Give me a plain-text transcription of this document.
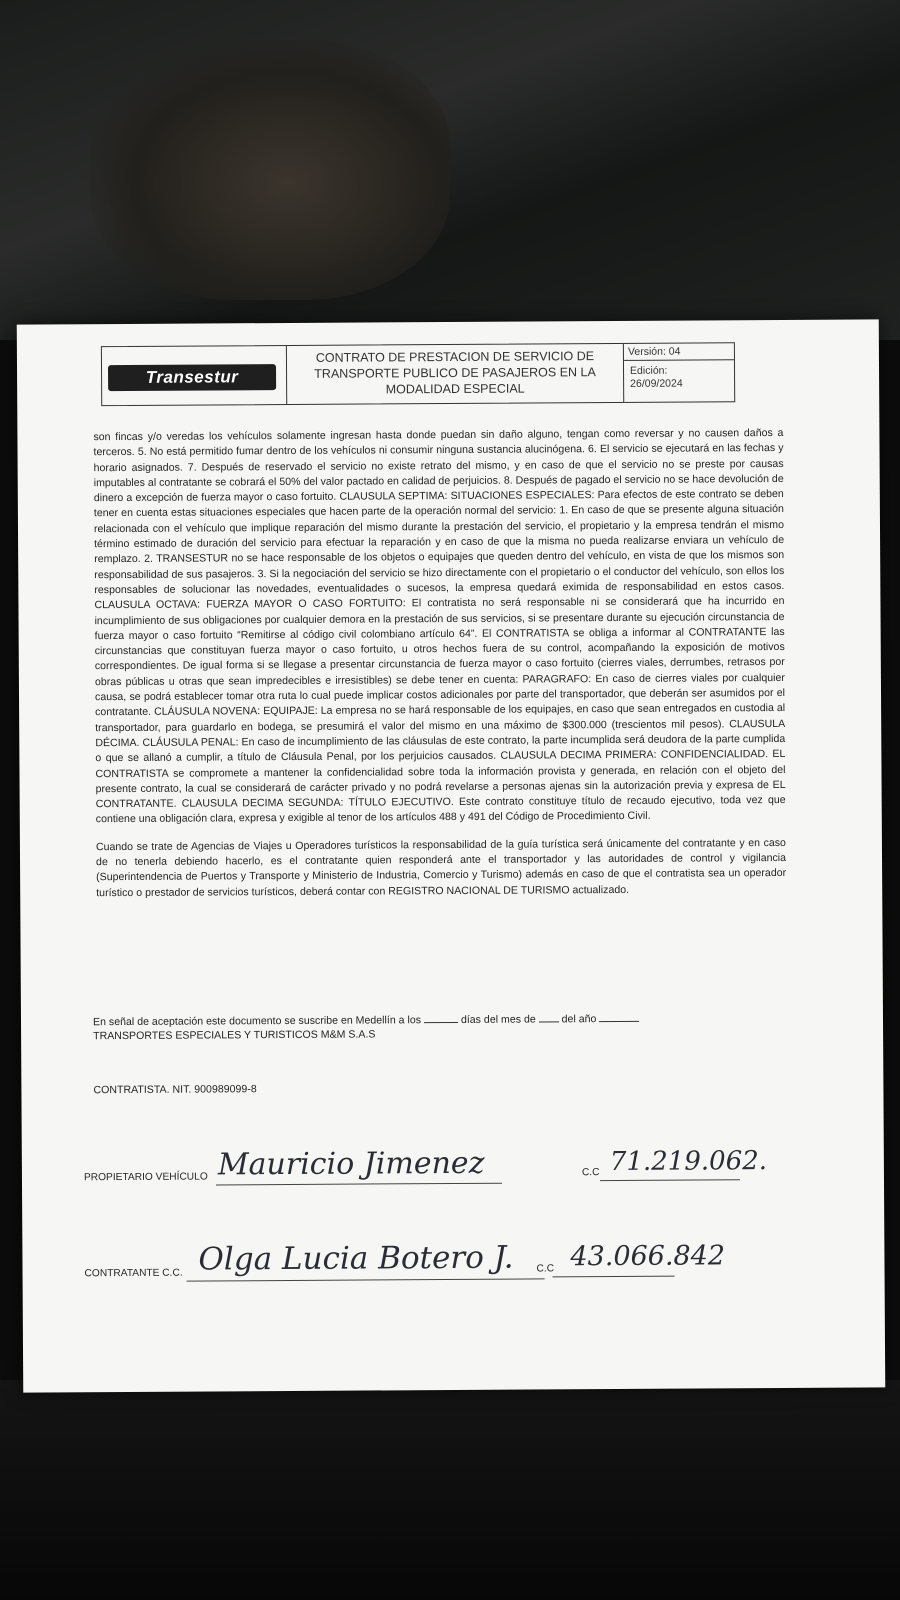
Transestur
CONTRATO DE PRESTACION DE SERVICIO DE
TRANSPORTE PUBLICO DE PASAJEROS EN LA
MODALIDAD ESPECIAL
Versión: 04
Edición:
26/09/2024

son fincas y/o veredas los vehículos solamente ingresan hasta donde puedan sin daño alguno, tengan como reversar y no causen daños a terceros. 5. No está permitido fumar dentro de los vehículos ni consumir ninguna sustancia alucinógena. 6. El servicio se ejecutará en las fechas y horario asignados. 7. Después de reservado el servicio no existe retrato del mismo, y en caso de que el servicio no se preste por causas imputables al contratante se cobrará el 50% del valor pactado en calidad de perjuicios. 8. Después de pagado el servicio no se hace devolución de dinero a excepción de fuerza mayor o caso fortuito. CLAUSULA SEPTIMA: SITUACIONES ESPECIALES: Para efectos de este contrato se deben tener en cuenta estas situaciones especiales que hacen parte de la operación normal del servicio: 1. En caso de que se presente alguna situación relacionada con el vehículo que implique reparación del mismo durante la prestación del servicio, el propietario y la empresa tendrán el mismo término estimado de duración del servicio para efectuar la reparación y en caso de que la misma no pueda realizarse enviara un vehículo de remplazo. 2. TRANSESTUR no se hace responsable de los objetos o equipajes que queden dentro del vehículo, en vista de que los mismos son responsabilidad de sus pasajeros. 3. Si la negociación del servicio se hizo directamente con el propietario o el conductor del vehículo, son ellos los responsables de solucionar las novedades, eventualidades o sucesos, la empresa quedará eximida de responsabilidad en estos casos. CLAUSULA OCTAVA: FUERZA MAYOR O CASO FORTUITO: El contratista no será responsable ni se considerará que ha incurrido en incumplimiento de sus obligaciones por cualquier demora en la prestación de sus servicios, si se presentare durante su ejecución circunstancia de fuerza mayor o caso fortuito “Remitirse al código civil colombiano artículo 64”. El CONTRATISTA se obliga a informar al CONTRATANTE las circunstancias que constituyan fuerza mayor o caso fortuito, u otros hechos fuera de su control, acompañando la exposición de motivos correspondientes. De igual forma si se llegase a presentar circunstancia de fuerza mayor o caso fortuito (cierres viales, derrumbes, retrasos por obras públicas u otras que sean impredecibles e irresistibles) se debe tener en cuenta: PARAGRAFO: En caso de cierres viales por cualquier causa, se podrá establecer tomar otra ruta lo cual puede implicar costos adicionales por parte del transportador, que deberán ser asumidos por el contratante. CLÁUSULA NOVENA: EQUIPAJE: La empresa no se hará responsable de los equipajes, en caso que sean entregados en custodia al transportador, para guardarlo en bodega, se presumirá el valor del mismo en una máximo de $300.000 (trescientos mil pesos). CLAUSULA DÉCIMA. CLÁUSULA PENAL: En caso de incumplimiento de las cláusulas de este contrato, la parte incumplida será deudora de la parte cumplida o que se allanó a cumplir, a título de Cláusula Penal, por los perjuicios causados. CLAUSULA DECIMA PRIMERA: CONFIDENCIALIDAD. EL CONTRATISTA se compromete a mantener la confidencialidad sobre toda la información provista y generada, en relación con el objeto del presente contrato, la cual se considerará de carácter privado y no podrá revelarse a personas ajenas sin la autorización previa y expresa de EL CONTRATANTE. CLAUSULA DECIMA SEGUNDA: TÍTULO EJECUTIVO. Este contrato constituye título de recaudo ejecutivo, toda vez que contiene una obligación clara, expresa y exigible al tenor de los artículos 488 y 491 del Código de Procedimiento Civil.

Cuando se trate de Agencias de Viajes u Operadores turísticos la responsabilidad de la guía turística será únicamente del contratante y en caso de no tenerla debiendo hacerlo, es el contratante quien responderá ante el transportador y las autoridades de control y vigilancia (Superintendencia de Puertos y Transporte y Ministerio de Industria, Comercio y Turismo) además en caso de que el contratista sea un operador turístico o prestador de servicios turísticos, deberá contar con REGISTRO NACIONAL DE TURISMO actualizado.

En señal de aceptación este documento se suscribe en Medellín a los	días del mes de del año
TRANSPORTES ESPECIALES Y TURISTICOS M&M S.A.S
CONTRATISTA. NIT. 900989099-8
PROPIETARIO VEHÍCULO Mauricio Jimenez	C.C 71.219.062.
CONTRATANTE C.C. Olga Lucia Botero J. C.C 43.066.842
